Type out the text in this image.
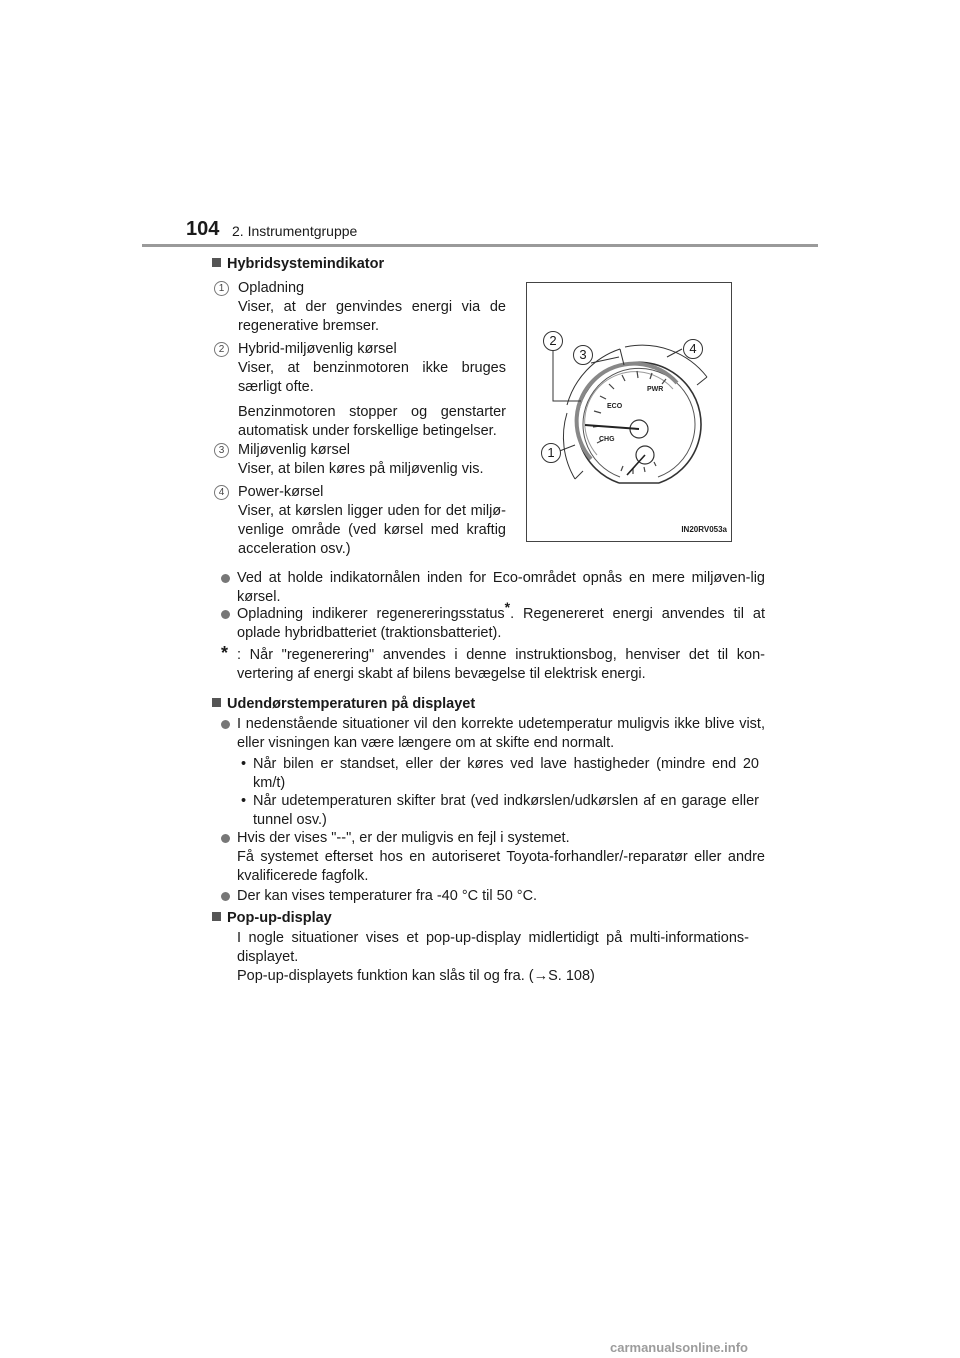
104 2. Instrumentgruppe
Hybridsystemindikator
1 Opladning
Viser, at der genvindes energi via de regenerative bremser.
2 Hybrid-miljøvenlig kørsel
Viser, at benzinmotoren ikke bruges særligt ofte.
Benzinmotoren stopper og genstarter automatisk under forskellige betingelser.
3 Miljøvenlig kørsel
Viser, at bilen køres på miljøvenlig vis.
4 Power-kørsel
Viser, at kørslen ligger uden for det miljø-venlige område (ved kørsel med kraftig acceleration osv.)
ECO
PWR
CHG
2
3	4
1
IN20RV053a
Ved at holde indikatornålen inden for Eco-området opnås en mere miljøven-lig kørsel.
Opladning indikerer regenereringsstatus*. Regenereret energi anvendes til at oplade hybridbatteriet (traktionsbatteriet).
* : Når "regenerering" anvendes i denne instruktionsbog, henviser det til kon-vertering af energi skabt af bilens bevægelse til elektrisk energi.
Udendørstemperaturen på displayet
I nedenstående situationer vil den korrekte udetemperatur muligvis ikke blive vist, eller visningen kan være længere om at skifte end normalt.
• Når bilen er standset, eller der køres ved lave hastigheder (mindre end 20 km/t)
• Når udetemperaturen skifter brat (ved indkørslen/udkørslen af en garage eller tunnel osv.)
Hvis der vises "--", er der muligvis en fejl i systemet.
Få systemet efterset hos en autoriseret Toyota-forhandler/-reparatør eller andre kvalificerede fagfolk.
Der kan vises temperaturer fra -40 °C til 50 °C.
Pop-up-display
I nogle situationer vises et pop-up-display midlertidigt på multi-informations-displayet.
Pop-up-displayets funktion kan slås til og fra. (→S. 108)
carmanualsonline.info
